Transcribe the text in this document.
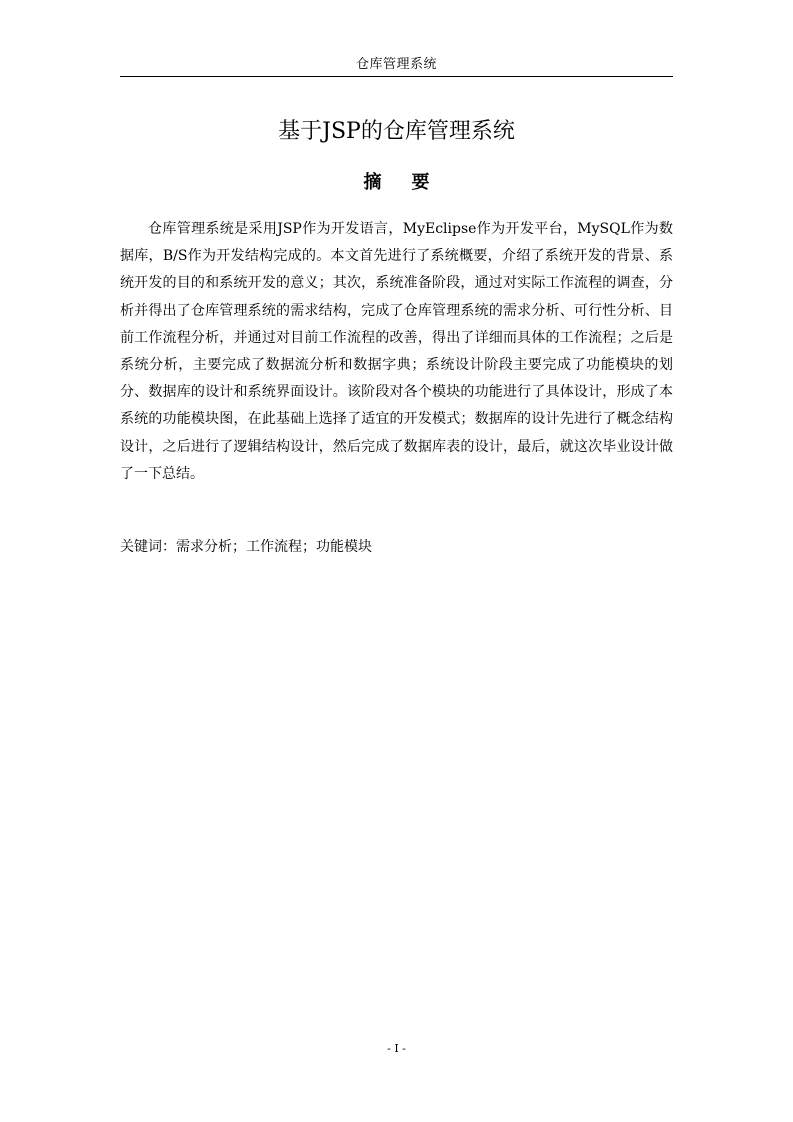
仓库管理系统
基于JSP的仓库管理系统
摘要

仓库管理系统是采用JSP作为开发语言，MyEclipse作为开发平台，MySQL作为数据库，B/S作为开发结构完成的。本文首先进行了系统概要，介绍了系统开发的背景、系统开发的目的和系统开发的意义；其次，系统准备阶段，通过对实际工作流程的调查，分析并得出了仓库管理系统的需求结构，完成了仓库管理系统的需求分析、可行性分析、目前工作流程分析，并通过对目前工作流程的改善，得出了详细而具体的工作流程；之后是系统分析，主要完成了数据流分析和数据字典；系统设计阶段主要完成了功能模块的划分、数据库的设计和系统界面设计。该阶段对各个模块的功能进行了具体设计，形成了本系统的功能模块图，在此基础上选择了适宜的开发模式；数据库的设计先进行了概念结构设计，之后进行了逻辑结构设计，然后完成了数据库表的设计，最后，就这次毕业设计做了一下总结。

关键词：需求分析；工作流程；功能模块

- I -
